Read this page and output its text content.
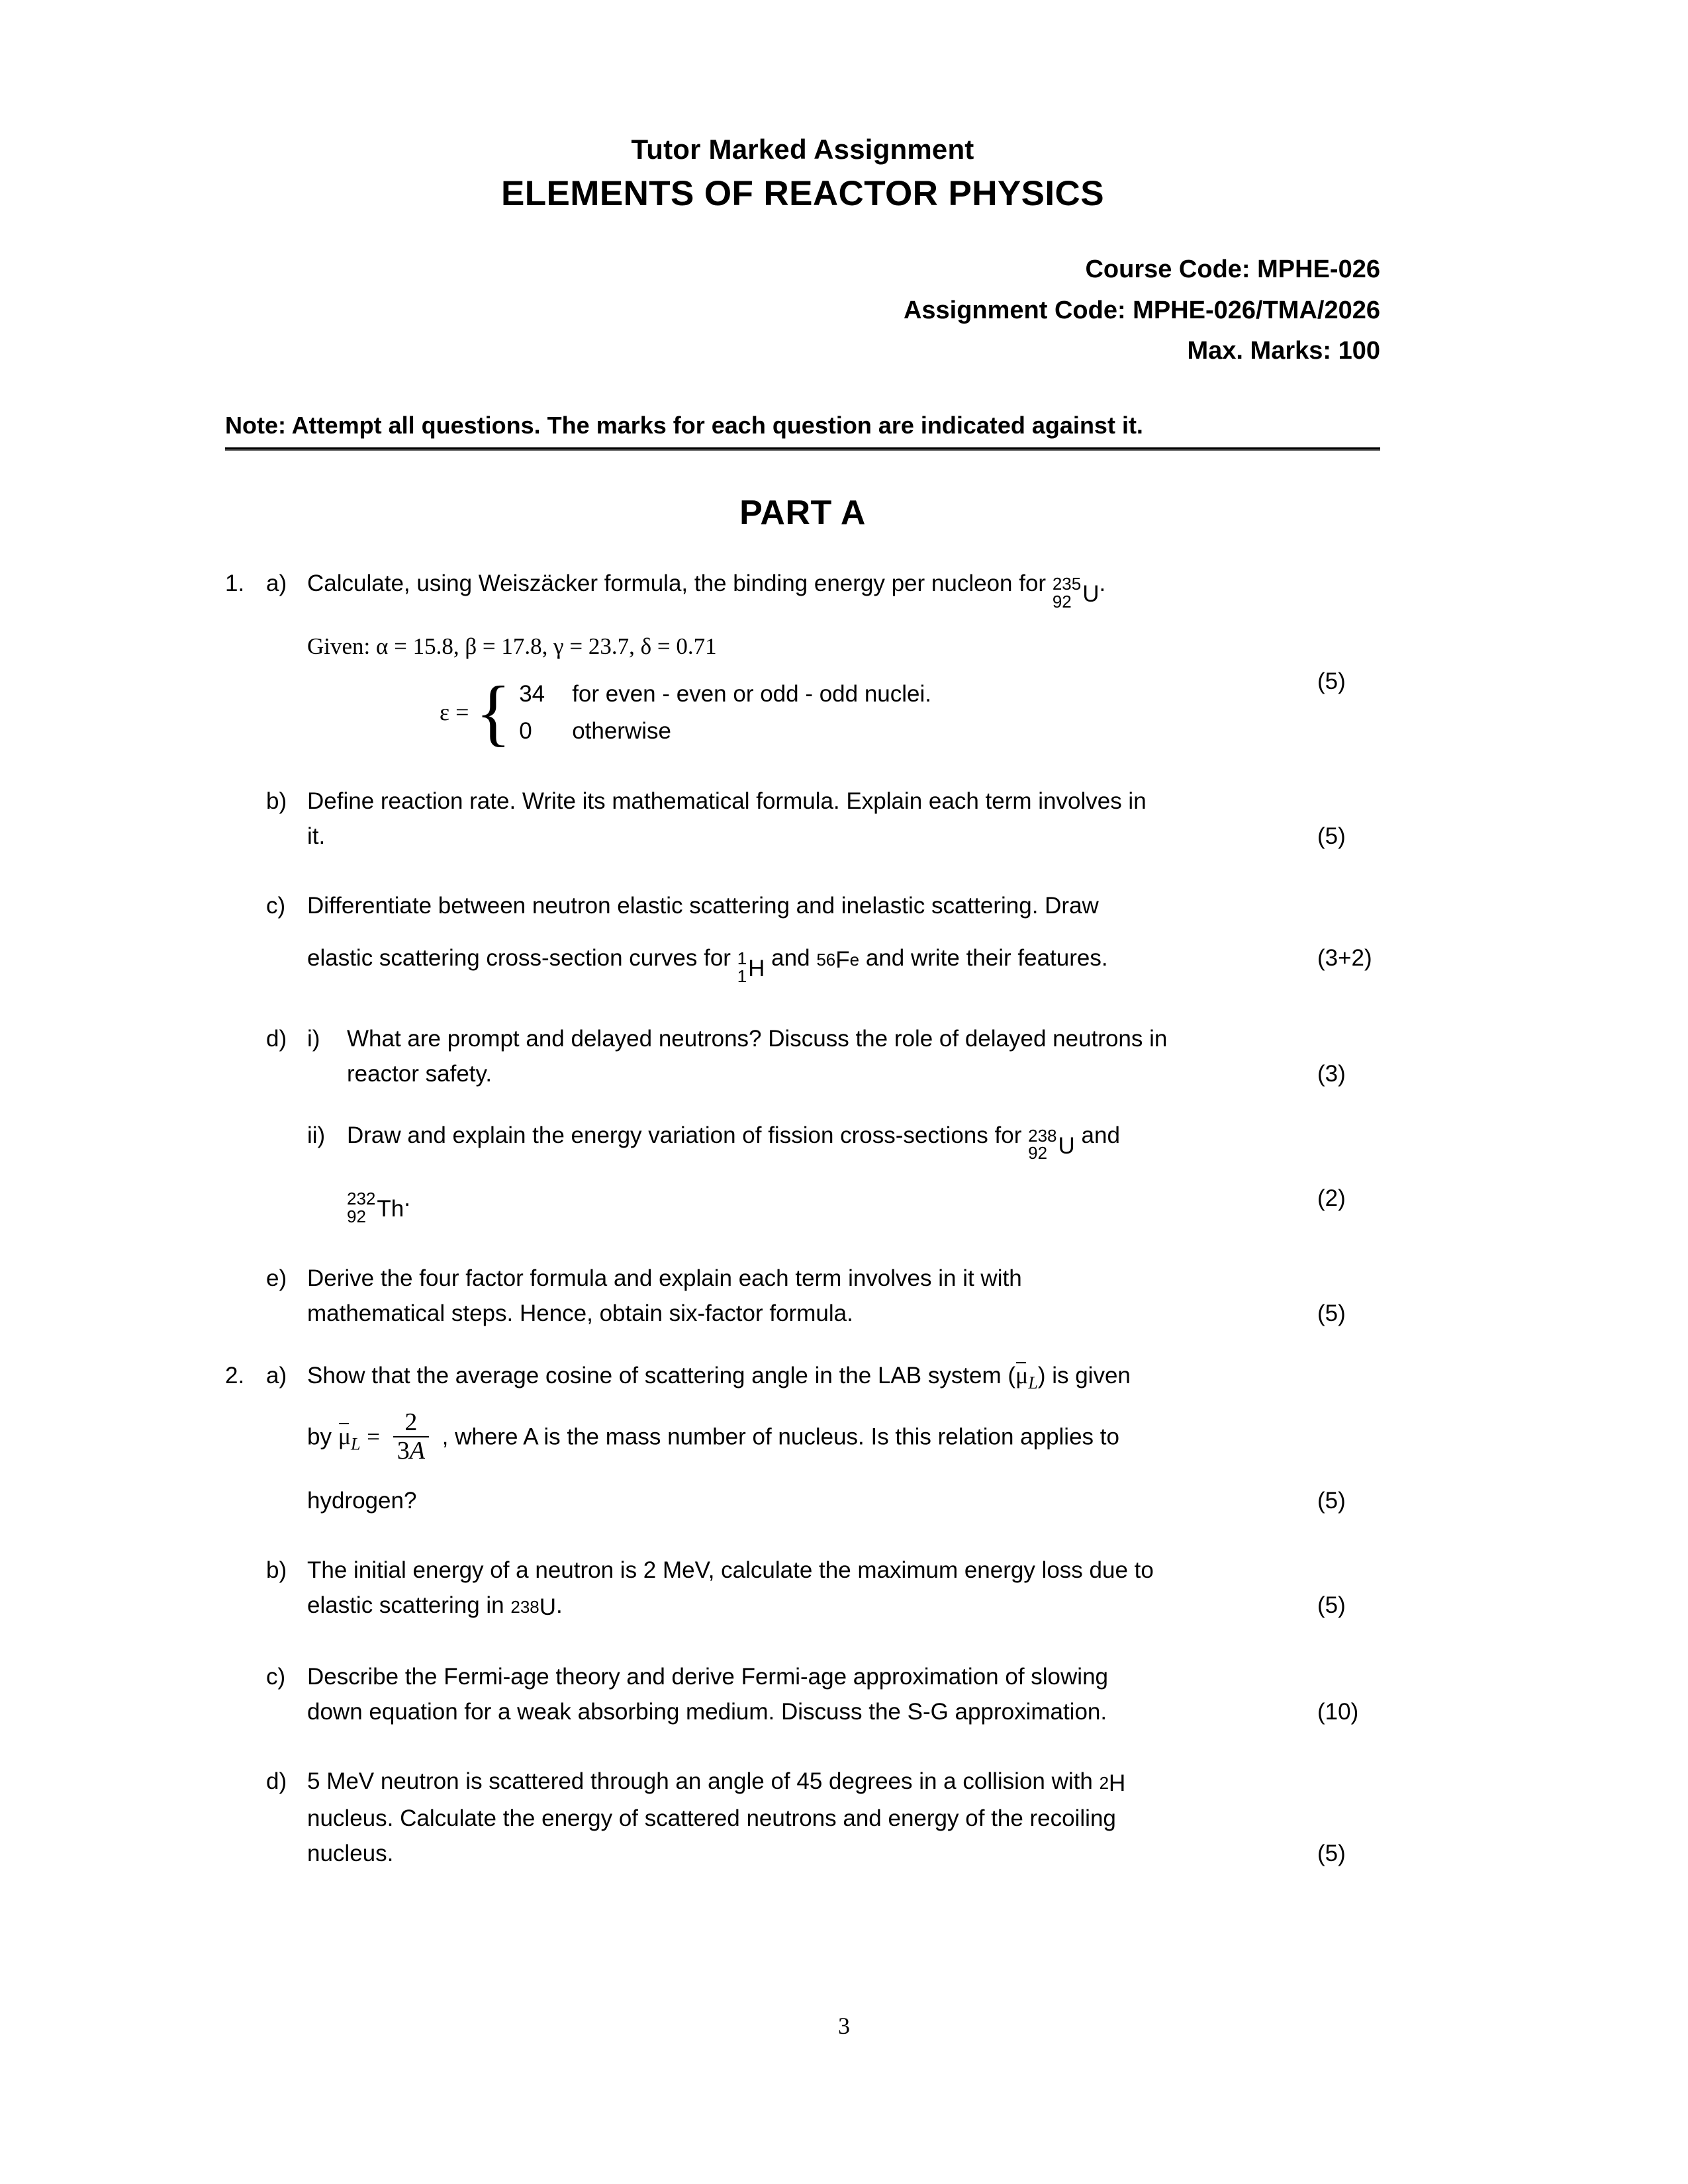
Tutor Marked Assignment
ELEMENTS OF REACTOR PHYSICS
Course Code: MPHE-026
Assignment Code: MPHE-026/TMA/2026
Max. Marks: 100
Note: Attempt all questions. The marks for each question are indicated against it.
PART A
1. a) Calculate, using Weiszäcker formula, the binding energy per nucleon for 235
92 U .
Given: α = 15.8, β = 17.8, γ = 23.7, δ = 0.71
ε = { 34	for even - even or odd - odd nuclei.
0	otherwise
(5)
b) Define reaction rate. Write its mathematical formula. Explain each term involves in
it.	(5)
c) Differentiate between neutron elastic scattering and inelastic scattering. Draw
elastic scattering cross-section curves for 1
1 H and 56 F e and write their features.	(3+2)
d) i)	What are prompt and delayed neutrons? Discuss the role of delayed neutrons in
reactor safety.	(3)
ii) Draw and explain the energy variation of fission cross-sections for 238
92 U and
232
92 Th .	(2)
e) Derive the four factor formula and explain each term involves in it with
mathematical steps. Hence, obtain six-factor formula.	(5)
2. a) Show that the average cosine of scattering angle in the LAB system $(\mu_L)$ is given
by $\mu_L = \frac{2}{3A}$ , where A is the mass number of nucleus. Is this relation applies to
hydrogen?	(5)
b) The initial energy of a neutron is 2 MeV, calculate the maximum energy loss due to
elastic scattering in 238 U .	(5)
c) Describe the Fermi-age theory and derive Fermi-age approximation of slowing
down equation for a weak absorbing medium. Discuss the S-G approximation.	(10)
d) 5 MeV neutron is scattered through an angle of 45 degrees in a collision with 2 H
nucleus. Calculate the energy of scattered neutrons and energy of the recoiling
nucleus.	(5)
3
